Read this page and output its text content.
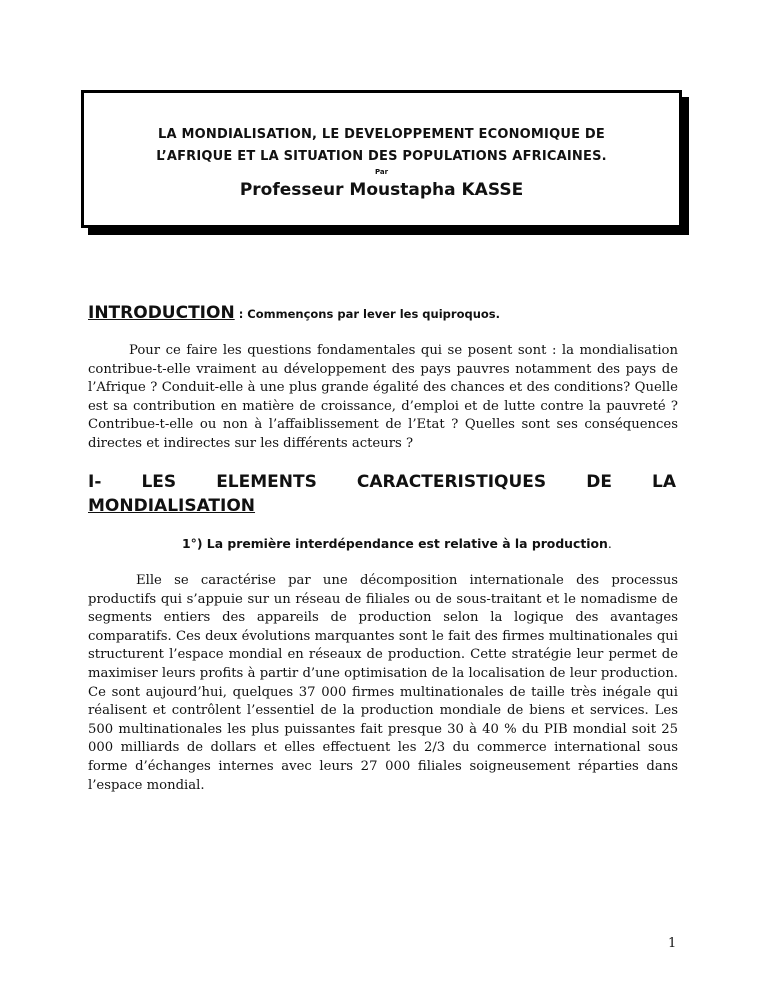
LA MONDIALISATION, LE DEVELOPPEMENT ECONOMIQUE DE
L’AFRIQUE ET LA SITUATION DES POPULATIONS AFRICAINES.
Par
Professeur Moustapha KASSE
INTRODUCTION : Commençons par lever les quiproquos.

Pour ce faire les questions fondamentales qui se posent sont : la mondialisation contribue-t-elle vraiment au développement des pays pauvres notamment des pays de l’Afrique ? Conduit-elle à une plus grande égalité des chances et des conditions? Quelle est sa contribution en matière de croissance, d’emploi et de lutte contre la pauvreté ? Contribue-t-elle ou non à l’affaiblissement de l’Etat ? Quelles sont ses conséquences directes et indirectes sur les différents acteurs ?

I- LES ELEMENTS CARACTERISTIQUES DE LA
MONDIALISATION
1°) La première interdépendance est relative à la production.

Elle se caractérise par une décomposition internationale des processus productifs qui s’appuie sur un réseau de filiales ou de sous-traitant et le nomadisme de segments entiers des appareils de production selon la logique des avantages comparatifs. Ces deux évolutions marquantes sont le fait des firmes multinationales qui structurent l’espace mondial en réseaux de production. Cette stratégie leur permet de maximiser leurs profits à partir d’une optimisation de la localisation de leur production. Ce sont aujourd’hui, quelques 37 000 firmes multinationales de taille très inégale qui réalisent et contrôlent l’essentiel de la production mondiale de biens et services. Les 500 multinationales les plus puissantes fait presque 30 à 40 % du PIB mondial soit 25 000 milliards de dollars et elles effectuent les 2/3 du commerce international sous forme d’échanges internes avec leurs 27 000 filiales soigneusement réparties dans l’espace mondial.

1
